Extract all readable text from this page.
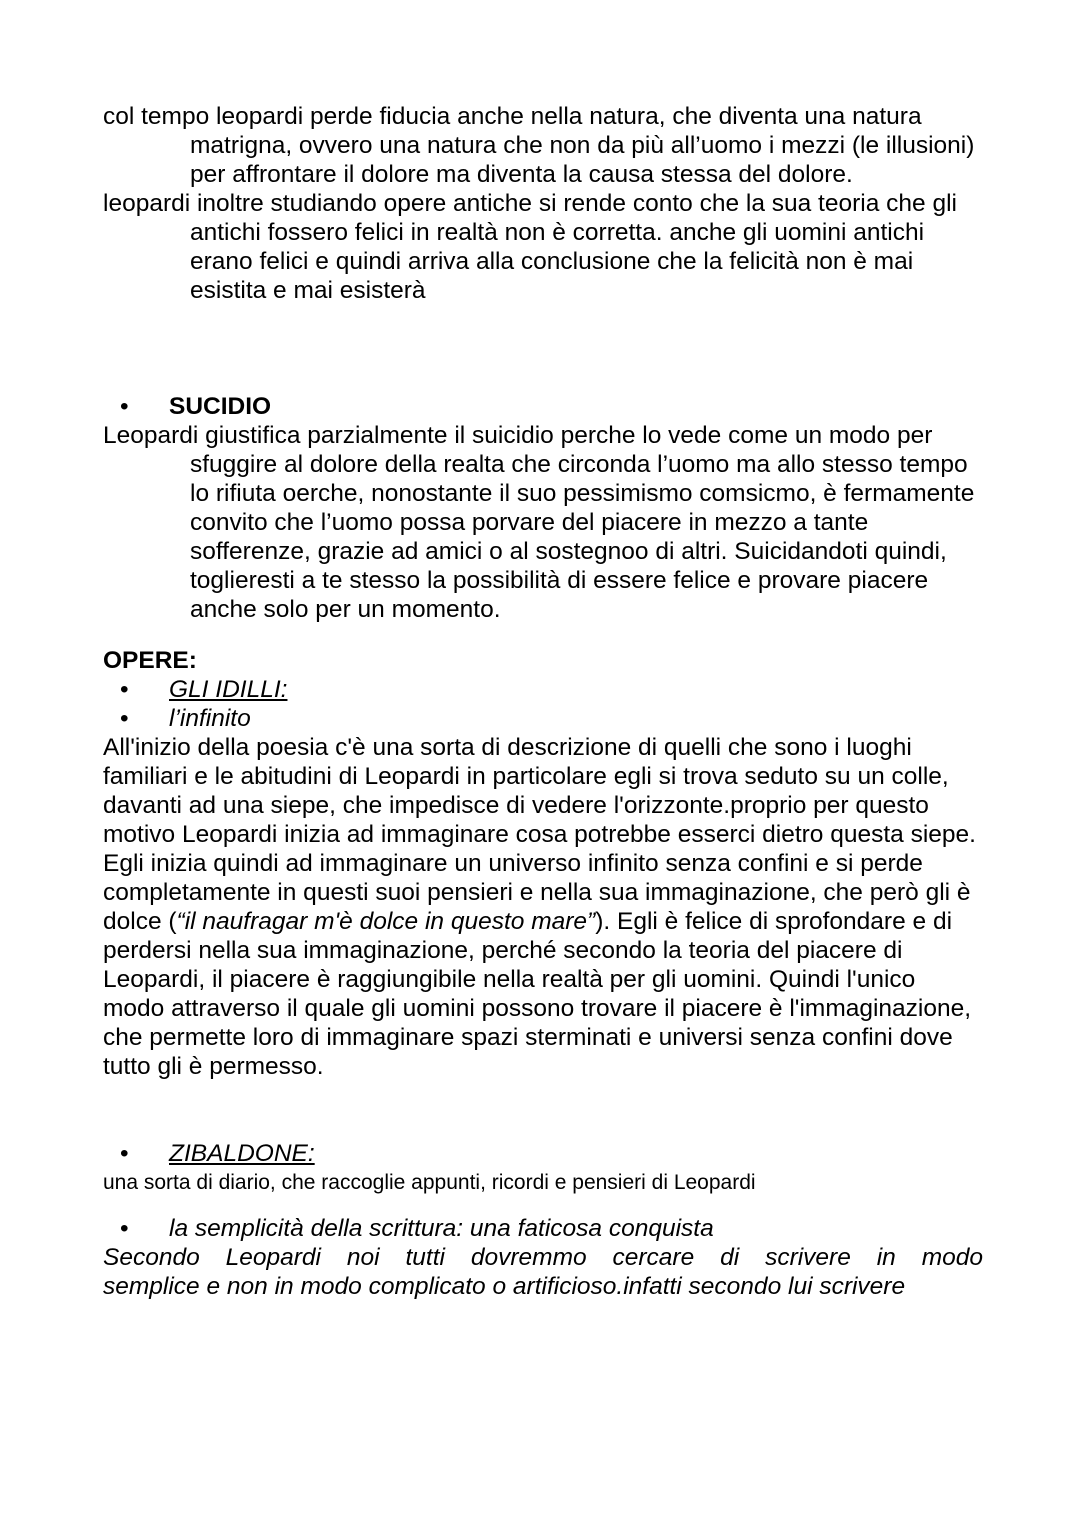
col tempo leopardi perde fiducia anche nella natura, che diventa una natura matrigna, ovvero una natura che non da più all’uomo i mezzi (le illusioni) per affrontare il dolore ma diventa la causa stessa del dolore.

leopardi inoltre studiando opere antiche si rende conto che la sua teoria che gli antichi fossero felici in realtà non è corretta. anche gli uomini antichi erano felici e quindi arriva alla conclusione che la felicità non è mai esistita e mai esisterà

•	SUCIDIO

Leopardi giustifica parzialmente il suicidio perche lo vede come un modo per sfuggire al dolore della realta che circonda l’uomo ma allo stesso tempo lo rifiuta oerche, nonostante il suo pessimismo comsicmo, è fermamente convito che l’uomo possa porvare del piacere in mezzo a tante sofferenze, grazie ad amici o al sostegnoo di altri. Suicidandoti quindi, toglieresti a te stesso la possibilità di essere felice e provare piacere anche solo per un momento.

OPERE:

•	GLI IDILLI:
•	l’infinito

All'inizio della poesia c'è una sorta di descrizione di quelli che sono i luoghi familiari e le abitudini di Leopardi in particolare egli si trova seduto su un colle, davanti ad una siepe, che impedisce di vedere l'orizzonte.proprio per questo motivo Leopardi inizia ad immaginare cosa potrebbe esserci dietro questa siepe. Egli inizia quindi ad immaginare un universo infinito senza confini e si perde completamente in questi suoi pensieri e nella sua immaginazione, che però gli è dolce (“il naufragar m'è dolce in questo mare”). Egli è felice di sprofondare e di perdersi nella sua immaginazione, perché secondo la teoria del piacere di Leopardi, il piacere è raggiungibile nella realtà per gli uomini. Quindi l'unico modo attraverso il quale gli uomini possono trovare il piacere è l'immaginazione, che permette loro di immaginare spazi sterminati e universi senza confini dove tutto gli è permesso.

•	ZIBALDONE:

una sorta di diario, che raccoglie appunti, ricordi e pensieri di Leopardi

•	la semplicità della scrittura: una faticosa conquista

Secondo Leopardi noi tutti dovremmo cercare di scrivere in modo

semplice e non in modo complicato o artificioso.infatti secondo lui scrivere
